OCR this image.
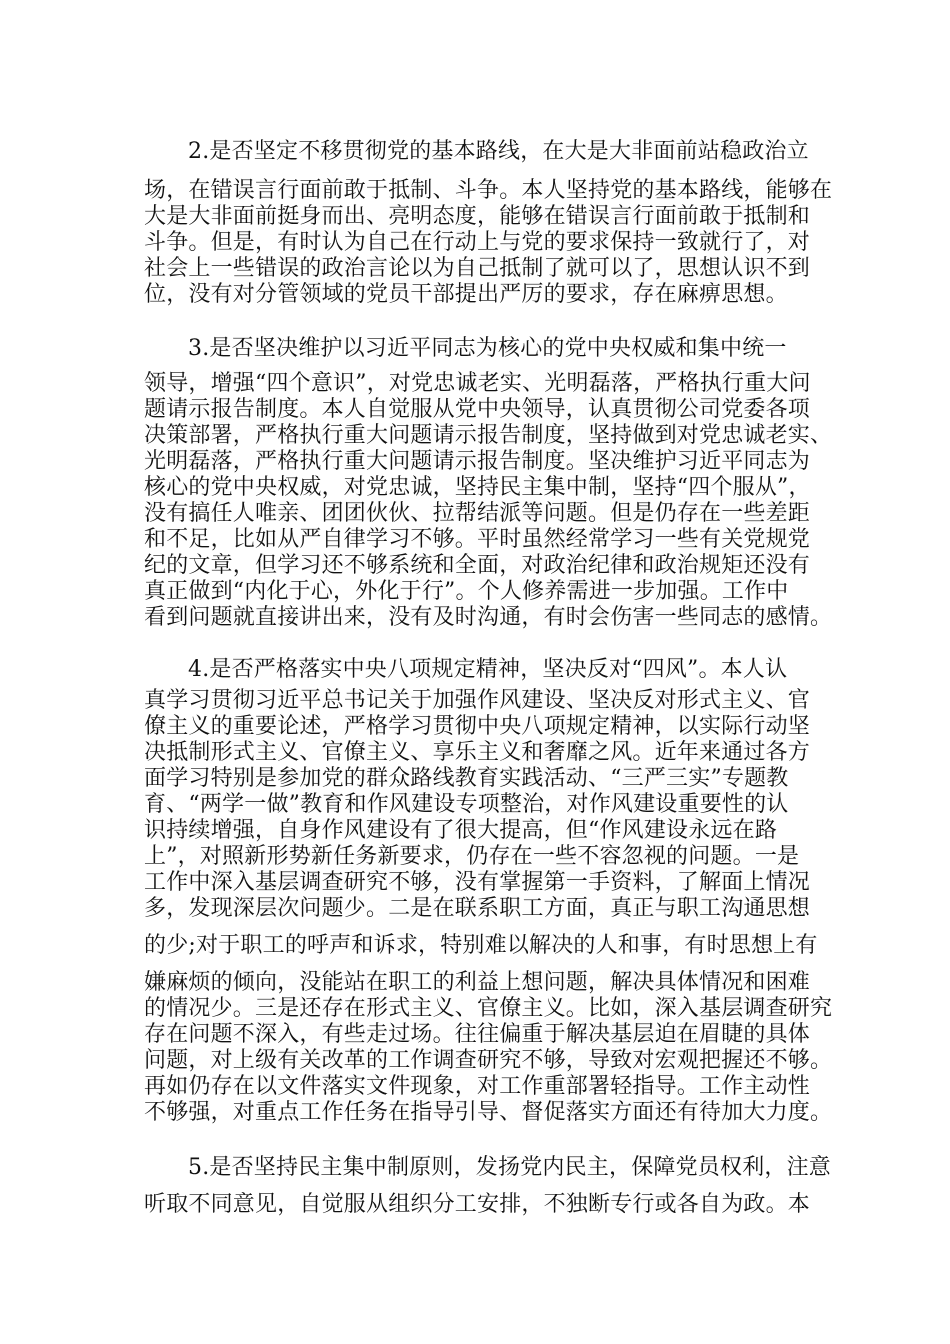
2.是否坚定不移贯彻党的基本路线，在大是大非面前站稳政治立
场，在错误言行面前敢于抵制、斗争。本人坚持党的基本路线，能够在
大是大非面前挺身而出、亮明态度，能够在错误言行面前敢于抵制和
斗争。但是，有时认为自己在行动上与党的要求保持一致就行了，对
社会上一些错误的政治言论以为自己抵制了就可以了，思想认识不到
位，没有对分管领域的党员干部提出严厉的要求，存在麻痹思想。
3.是否坚决维护以习近平同志为核心的党中央权威和集中统一
领导，增强“四个意识”，对党忠诚老实、光明磊落，严格执行重大问
题请示报告制度。本人自觉服从党中央领导，认真贯彻公司党委各项
决策部署，严格执行重大问题请示报告制度，坚持做到对党忠诚老实、
光明磊落，严格执行重大问题请示报告制度。坚决维护习近平同志为
核心的党中央权威，对党忠诚，坚持民主集中制，坚持“四个服从”，
没有搞任人唯亲、团团伙伙、拉帮结派等问题。但是仍存在一些差距
和不足，比如从严自律学习不够。平时虽然经常学习一些有关党规党
纪的文章，但学习还不够系统和全面，对政治纪律和政治规矩还没有
真正做到“内化于心，外化于行”。个人修养需进一步加强。工作中
看到问题就直接讲出来，没有及时沟通，有时会伤害一些同志的感情。
4.是否严格落实中央八项规定精神，坚决反对“四风”。本人认
真学习贯彻习近平总书记关于加强作风建设、坚决反对形式主义、官
僚主义的重要论述，严格学习贯彻中央八项规定精神，以实际行动坚
决抵制形式主义、官僚主义、享乐主义和奢靡之风。近年来通过各方
面学习特别是参加党的群众路线教育实践活动、“三严三实”专题教
育、“两学一做”教育和作风建设专项整治，对作风建设重要性的认
识持续增强，自身作风建设有了很大提高，但“作风建设永远在路
上”，对照新形势新任务新要求，仍存在一些不容忽视的问题。一是
工作中深入基层调查研究不够，没有掌握第一手资料，了解面上情况
多，发现深层次问题少。二是在联系职工方面，真正与职工沟通思想
的少;对于职工的呼声和诉求，特别难以解决的人和事，有时思想上有
嫌麻烦的倾向，没能站在职工的利益上想问题，解决具体情况和困难
的情况少。三是还存在形式主义、官僚主义。比如，深入基层调查研究
存在问题不深入，有些走过场。往往偏重于解决基层迫在眉睫的具体
问题，对上级有关改革的工作调查研究不够，导致对宏观把握还不够。
再如仍存在以文件落实文件现象，对工作重部署轻指导。工作主动性
不够强，对重点工作任务在指导引导、督促落实方面还有待加大力度。
5.是否坚持民主集中制原则，发扬党内民主，保障党员权利，注意
听取不同意见，自觉服从组织分工安排，不独断专行或各自为政。本
